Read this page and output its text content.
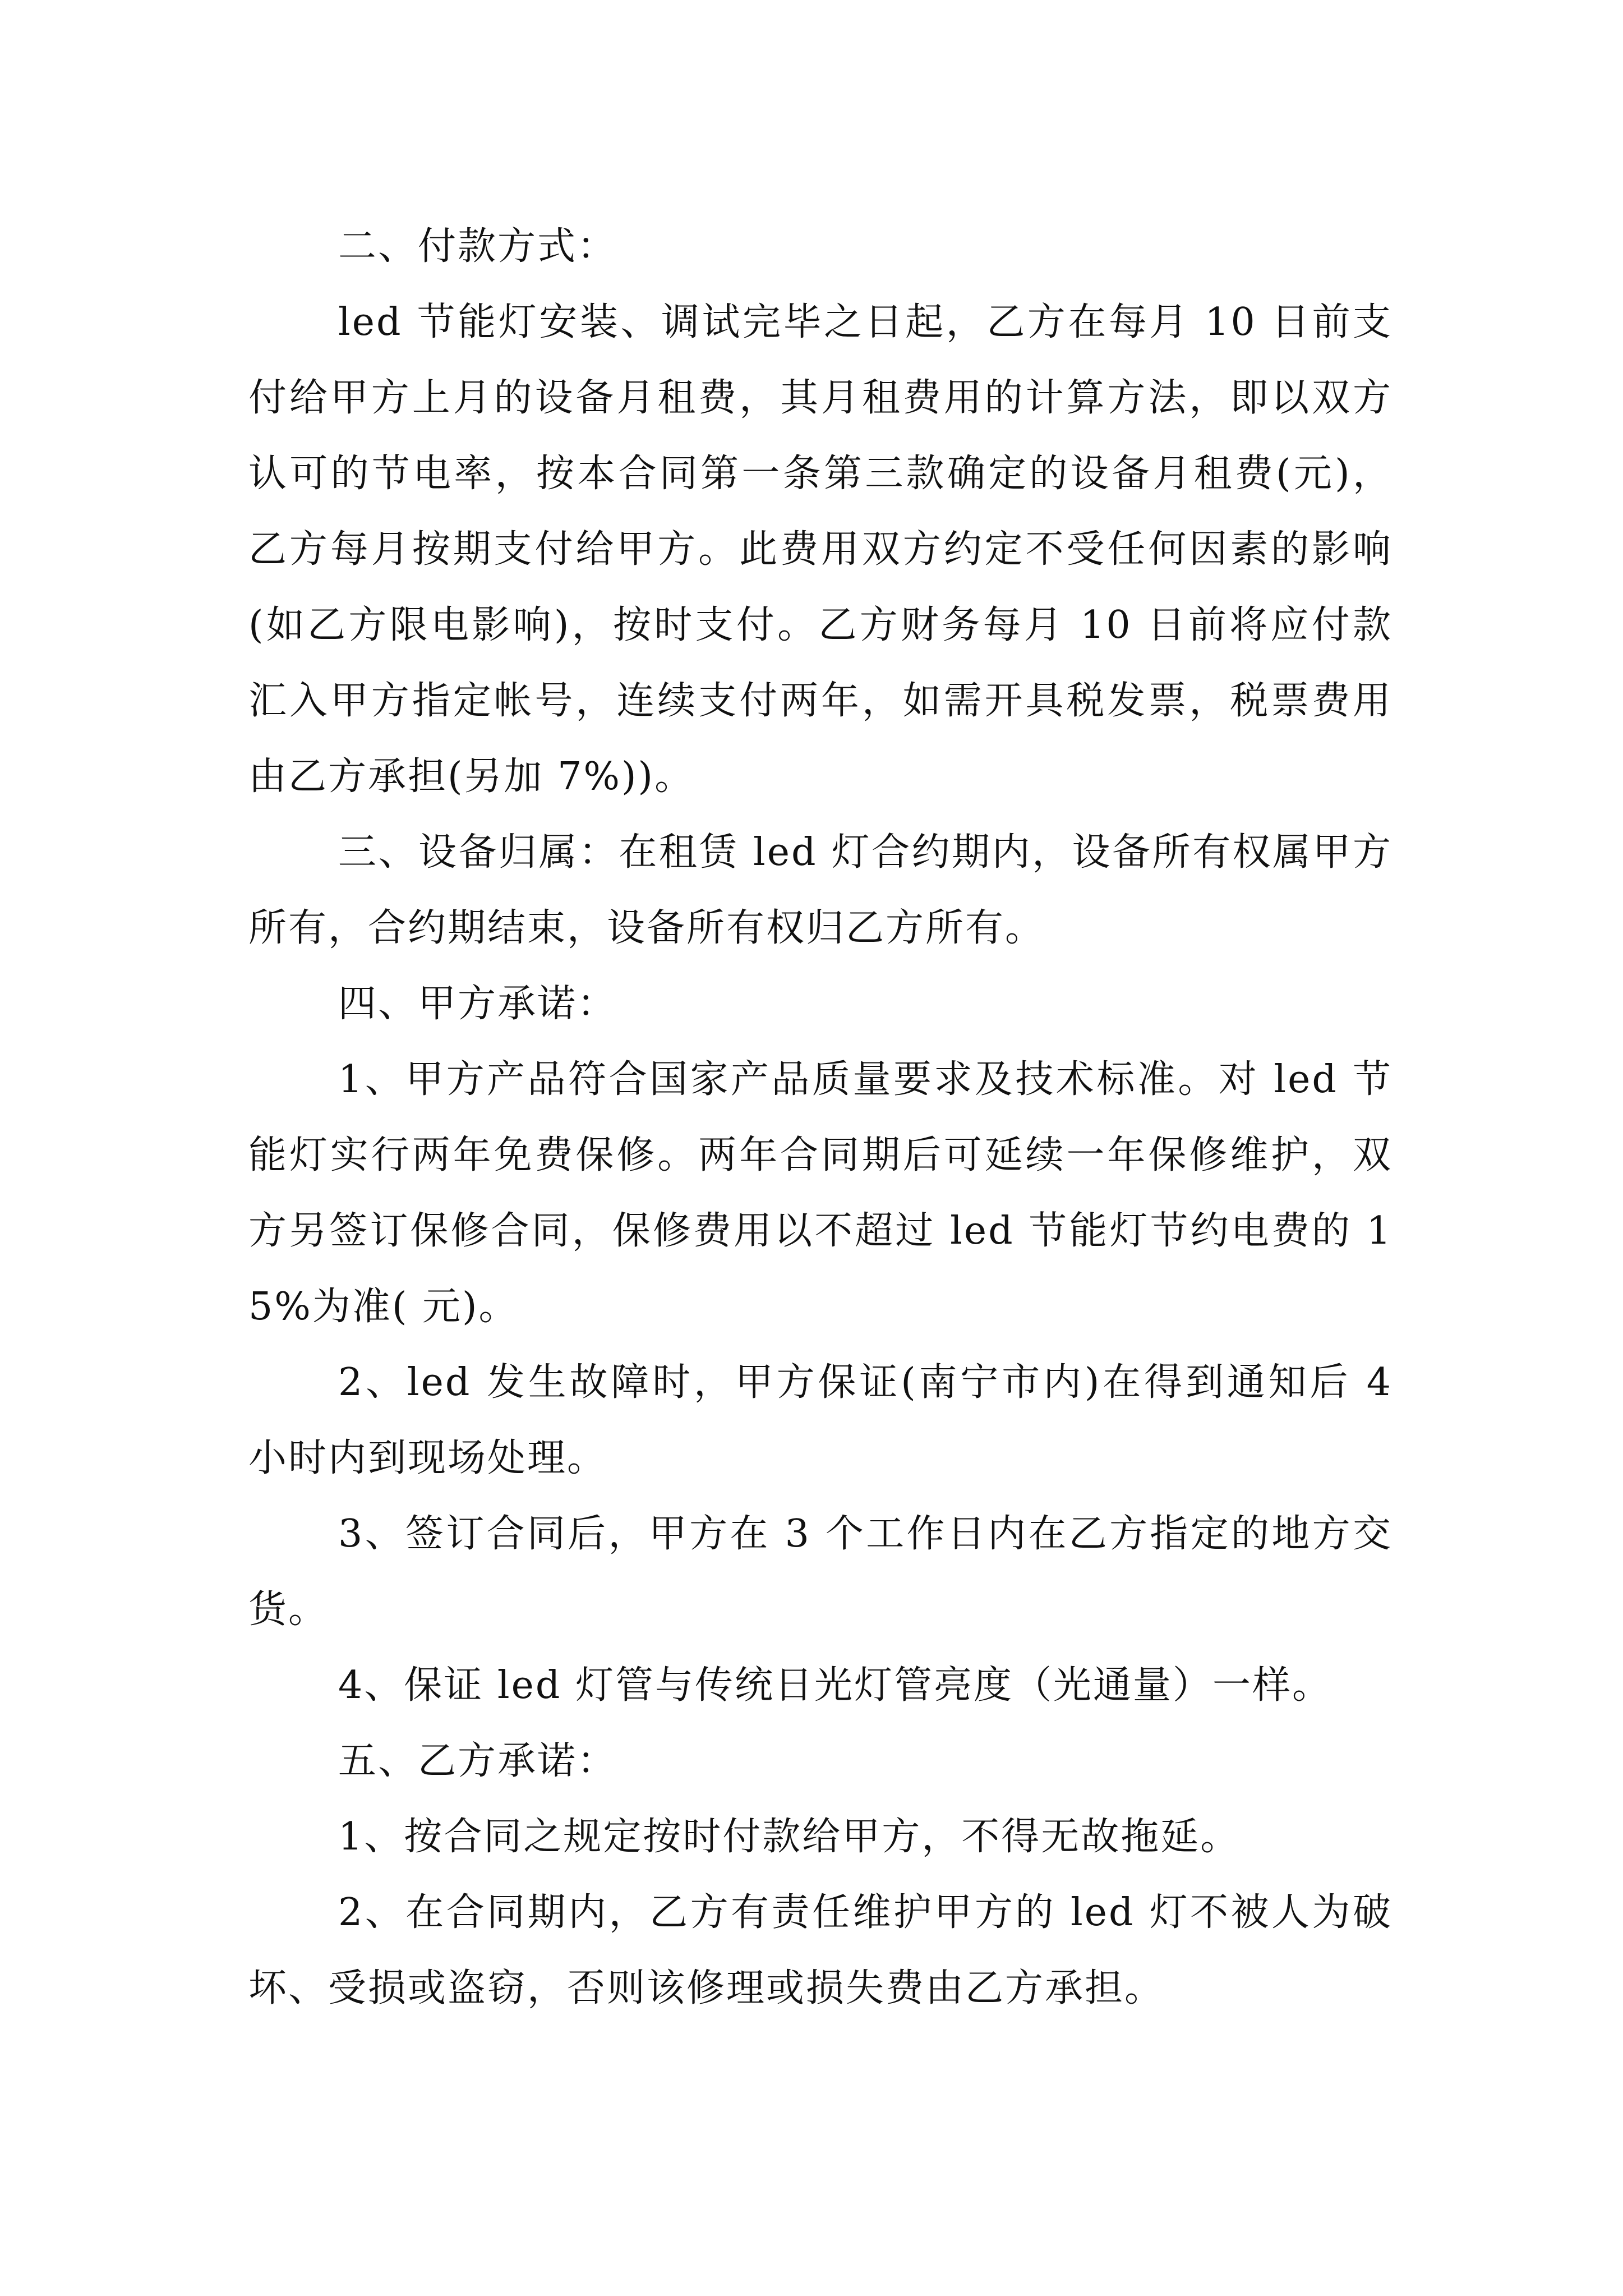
二、付款方式：

led 节能灯安装、调试完毕之日起，乙方在每月 10 日前支付给甲方上月的设备月租费，其月租费用的计算方法，即以双方认可的节电率，按本合同第一条第三款确定的设备月租费(元)，乙方每月按期支付给甲方。此费用双方约定不受任何因素的影响(如乙方限电影响)，按时支付。乙方财务每月 10 日前将应付款汇入甲方指定帐号，连续支付两年，如需开具税发票，税票费用由乙方承担(另加 7%))。

三、设备归属：在租赁 led 灯合约期内，设备所有权属甲方所有，合约期结束，设备所有权归乙方所有。

四、甲方承诺：

1、甲方产品符合国家产品质量要求及技术标准。对 led 节能灯实行两年免费保修。两年合同期后可延续一年保修维护，双方另签订保修合同，保修费用以不超过 led 节能灯节约电费的 15%为准( 元)。

2、led 发生故障时，甲方保证(南宁市内)在得到通知后 4 小时内到现场处理。

3、签订合同后，甲方在 3 个工作日内在乙方指定的地方交货。

4、保证 led 灯管与传统日光灯管亮度（光通量）一样。

五、乙方承诺：

1、按合同之规定按时付款给甲方，不得无故拖延。

2、在合同期内，乙方有责任维护甲方的 led 灯不被人为破坏、受损或盗窃，否则该修理或损失费由乙方承担。
